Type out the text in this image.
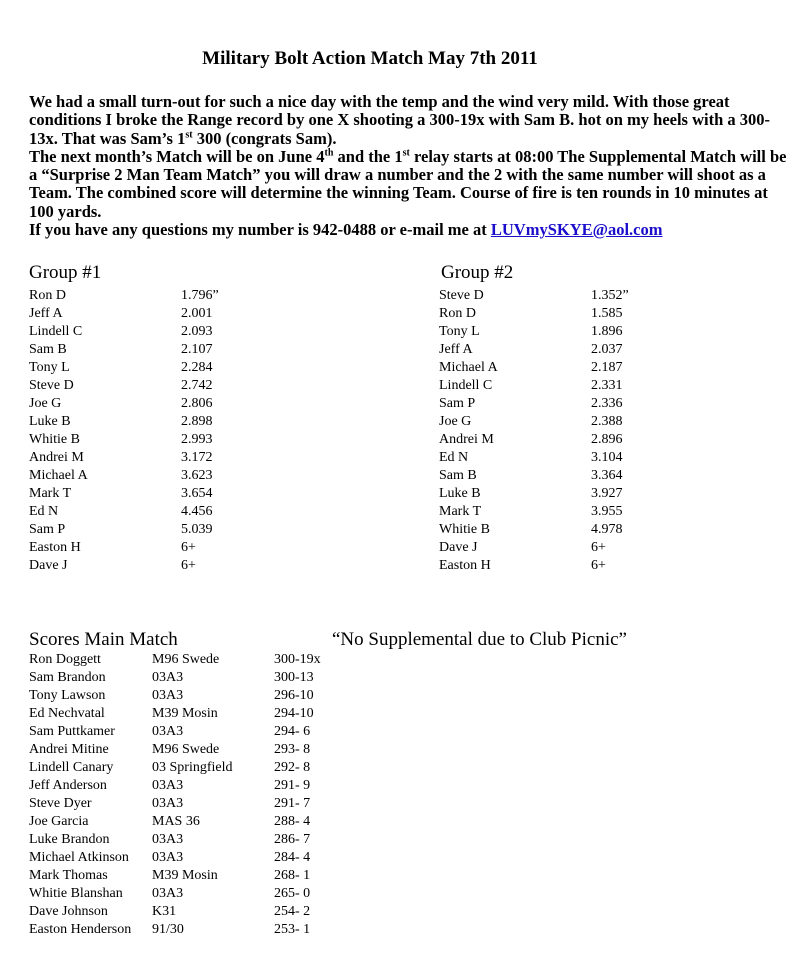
Military Bolt Action Match May 7th 2011

We had a small turn-out for such a nice day with the temp and the wind very mild. With those great conditions I broke the Range record by one X shooting a 300-19x with Sam B. hot on my heels with a 300-13x. That was Sam’s 1st 300 (congrats Sam).

The next month’s Match will be on June 4th and the 1st relay starts at 08:00 The Supplemental Match will be a “Surprise 2 Man Team Match” you will draw a number and the 2 with the same number will shoot as a Team. The combined score will determine the winning Team. Course of fire is ten rounds in 10 minutes at 100 yards.

If you have any questions my number is 942-0488 or e-mail me at LUVmySKYE@aol.com

Group #1
Ron D	1.796”
Jeff A	2.001
Lindell C	2.093
Sam B	2.107
Tony L	2.284
Steve D	2.742
Joe G	2.806
Luke B	2.898
Whitie B	2.993
Andrei M	3.172
Michael A	3.623
Mark T	3.654
Ed N	4.456
Sam P	5.039
Easton H	6+
Dave J	6+
Group #2
Steve D	1.352”
Ron D	1.585
Tony L	1.896
Jeff A	2.037
Michael A	2.187
Lindell C	2.331
Sam P	2.336
Joe G	2.388
Andrei M	2.896
Ed N	3.104
Sam B	3.364
Luke B	3.927
Mark T	3.955
Whitie B	4.978
Dave J	6+
Easton H	6+
Scores Main Match	“No Supplemental due to Club Picnic”
Ron Doggett	M96 Swede	300-19x
Sam Brandon	03A3	300-13
Tony Lawson	03A3	296-10
Ed Nechvatal	M39 Mosin	294-10
Sam Puttkamer	03A3	294- 6
Andrei Mitine	M96 Swede	293- 8
Lindell Canary	03 Springfield	292- 8
Jeff Anderson	03A3	291- 9
Steve Dyer	03A3	291- 7
Joe Garcia	MAS 36	288- 4
Luke Brandon	03A3	286- 7
Michael Atkinson	03A3	284- 4
Mark Thomas	M39 Mosin	268- 1
Whitie Blanshan	03A3	265- 0
Dave Johnson	K31	254- 2
Easton Henderson	91/30	253- 1
